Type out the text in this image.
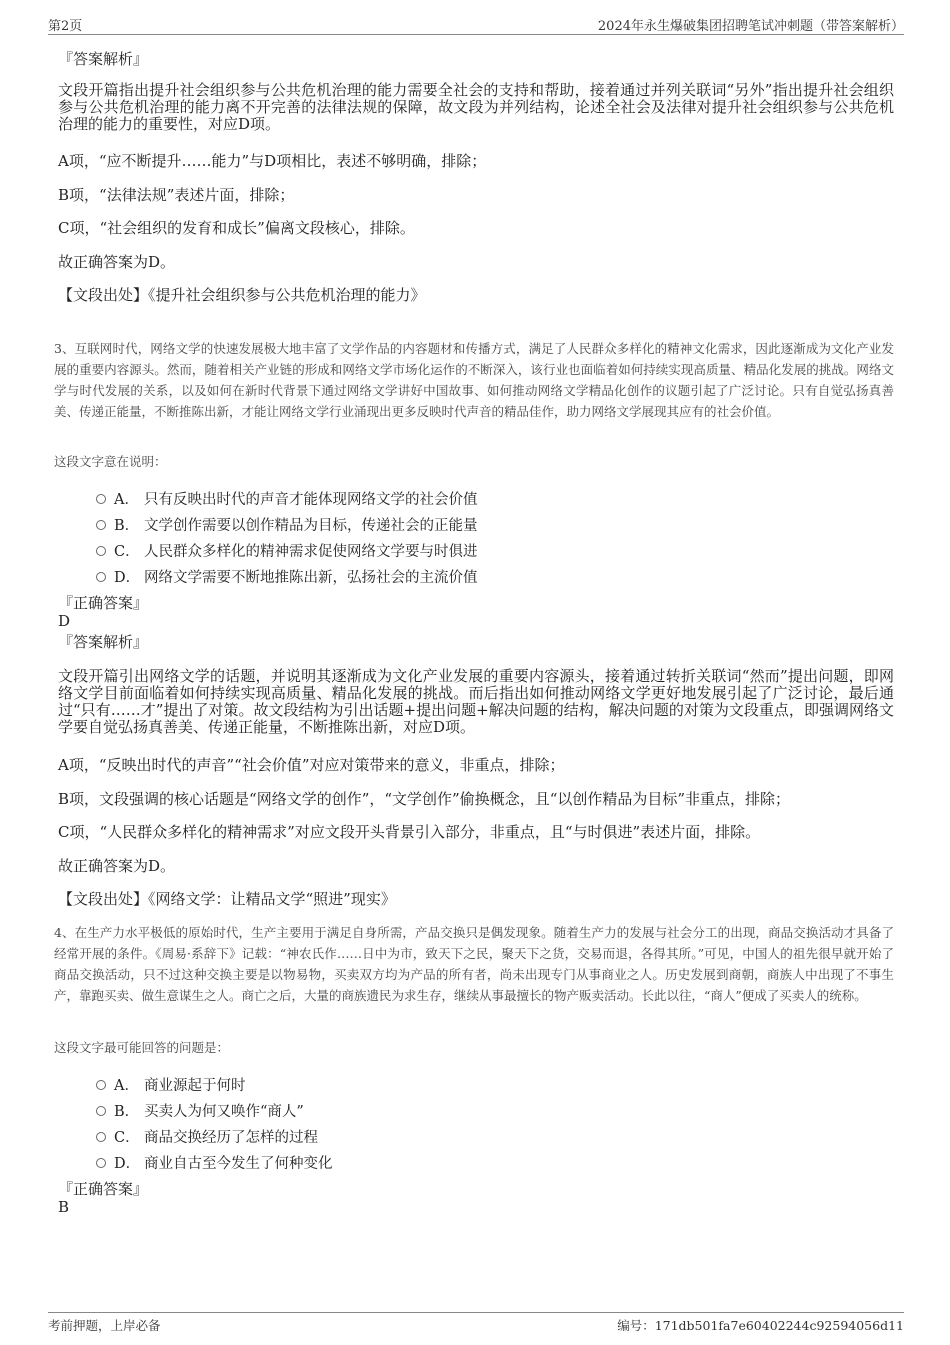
第2页	2024年永生爆破集团招聘笔试冲刺题（带答案解析）
『答案解析』
文段开篇指出提升社会组织参与公共危机治理的能力需要全社会的支持和帮助，接着通过并列关联词“另外”指出提升社会组织参与公共危机治理的能力离不开完善的法律法规的保障，故文段为并列结构，论述全社会及法律对提升社会组织参与公共危机治理的能力的重要性，对应D项。
A项，“应不断提升……能力”与D项相比，表述不够明确，排除；
B项，“法律法规”表述片面，排除；
C项，“社会组织的发育和成长”偏离文段核心，排除。
故正确答案为D。
【文段出处】《提升社会组织参与公共危机治理的能力》
3、互联网时代，网络文学的快速发展极大地丰富了文学作品的内容题材和传播方式，满足了人民群众多样化的精神文化需求，因此逐渐成为文化产业发展的重要内容源头。然而，随着相关产业链的形成和网络文学市场化运作的不断深入，该行业也面临着如何持续实现高质量、精品化发展的挑战。网络文学与时代发展的关系，以及如何在新时代背景下通过网络文学讲好中国故事、如何推动网络文学精品化创作的议题引起了广泛讨论。只有自觉弘扬真善美、传递正能量，不断推陈出新，才能让网络文学行业涌现出更多反映时代声音的精品佳作，助力网络文学展现其应有的社会价值。
这段文字意在说明：
A． 只有反映出时代的声音才能体现网络文学的社会价值
B． 文学创作需要以创作精品为目标，传递社会的正能量
C． 人民群众多样化的精神需求促使网络文学要与时俱进
D． 网络文学需要不断地推陈出新，弘扬社会的主流价值
『正确答案』
D
『答案解析』
文段开篇引出网络文学的话题，并说明其逐渐成为文化产业发展的重要内容源头，接着通过转折关联词“然而”提出问题，即网络文学目前面临着如何持续实现高质量、精品化发展的挑战。而后指出如何推动网络文学更好地发展引起了广泛讨论，最后通过“只有……才”提出了对策。故文段结构为引出话题+提出问题+解决问题的结构，解决问题的对策为文段重点，即强调网络文学要自觉弘扬真善美、传递正能量，不断推陈出新，对应D项。
A项，“反映出时代的声音”“社会价值”对应对策带来的意义，非重点，排除；
B项，文段强调的核心话题是“网络文学的创作”，“文学创作”偷换概念，且“以创作精品为目标”非重点，排除；
C项，“人民群众多样化的精神需求”对应文段开头背景引入部分，非重点，且“与时俱进”表述片面，排除。
故正确答案为D。
【文段出处】《网络文学：让精品文学“照进”现实》
4、在生产力水平极低的原始时代，生产主要用于满足自身所需，产品交换只是偶发现象。随着生产力的发展与社会分工的出现，商品交换活动才具备了经常开展的条件。《周易·系辞下》记载：“神农氏作……日中为市，致天下之民，聚天下之货，交易而退，各得其所。”可见，中国人的祖先很早就开始了商品交换活动，只不过这种交换主要是以物易物，买卖双方均为产品的所有者，尚未出现专门从事商业之人。历史发展到商朝，商族人中出现了不事生产，靠跑买卖、做生意谋生之人。商亡之后，大量的商族遗民为求生存，继续从事最擅长的物产贩卖活动。长此以往，“商人”便成了买卖人的统称。
这段文字最可能回答的问题是：
A． 商业源起于何时
B． 买卖人为何又唤作“商人”
C． 商品交换经历了怎样的过程
D． 商业自古至今发生了何种变化
『正确答案』
B
考前押题，上岸必备	编号：171db501fa7e60402244c92594056d11
